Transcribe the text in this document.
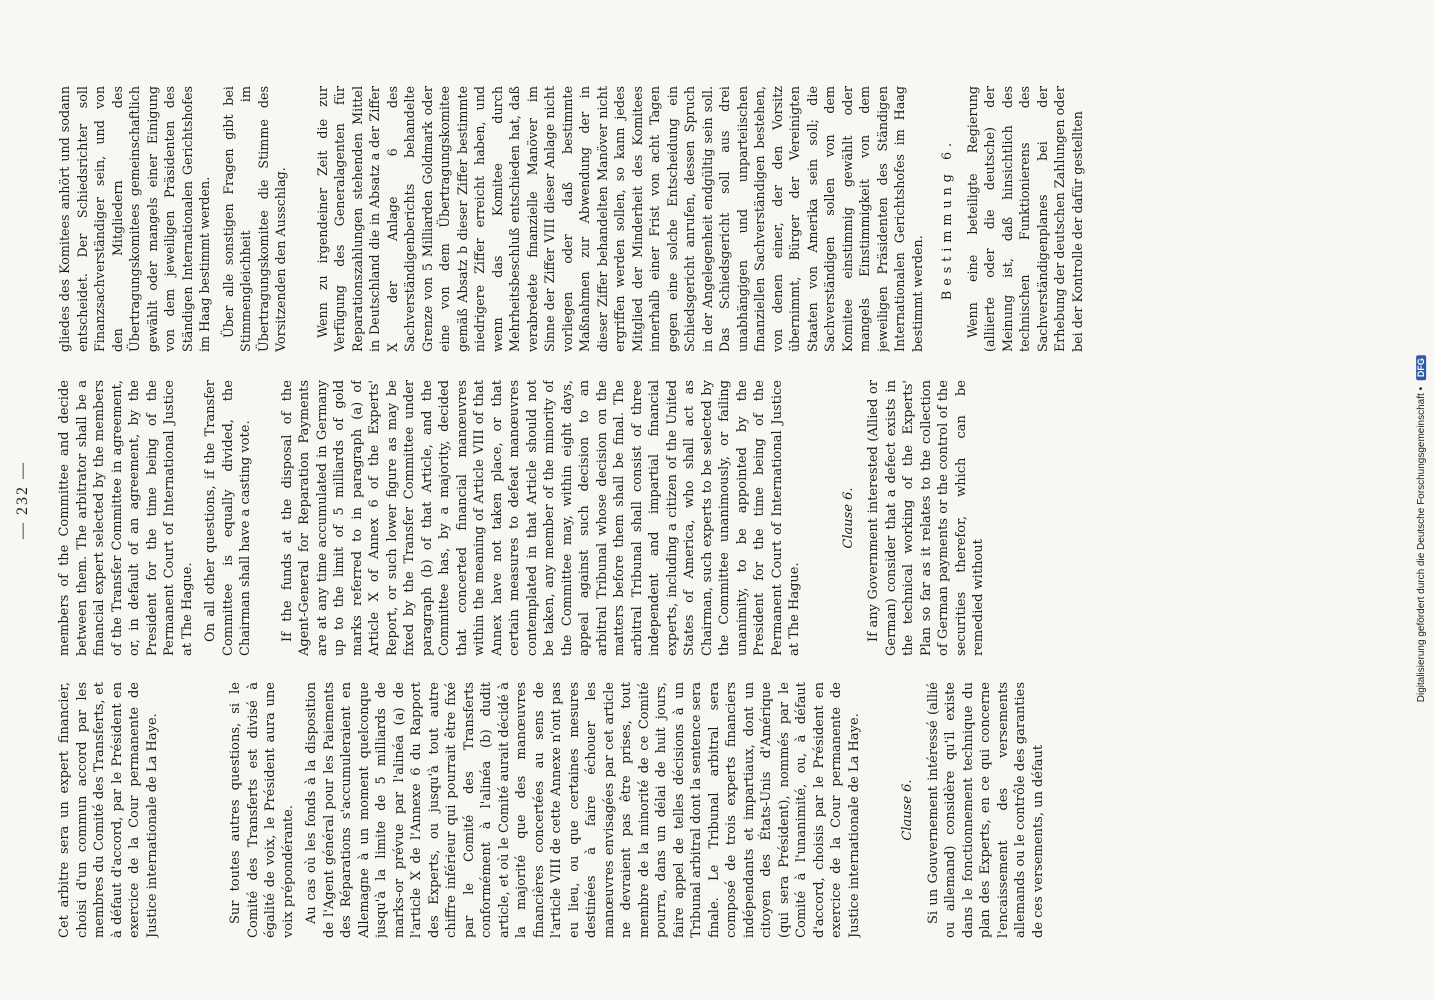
— 232 —

Cet arbitre sera un expert financier, choisi d'un commun accord par les membres du Comité des Transferts, et à défaut d'accord, par le Président en exercice de la Cour permanente de Justice internationale de La Haye.	Sur toutes autres questions, si le Comité des Transferts est divisé à égalité de voix, le Président aura une voix prépondérante. Au cas où les fonds à la disposition de l'Agent général pour les Paiements des Réparations s'accumuleraient en Allemagne à un moment quelconque jusqu'à la limite de 5 milliards de marks-or prévue par l'alinéa (a) de l'article X de l'Annexe 6 du Rapport des Experts, ou jusqu'à tout autre chiffre inférieur qui pourrait être fixé par le Comité des Transferts conformément à l'alinéa (b) dudit article, et où le Comité aurait décidé à la majorité que des manœuvres financières concertées au sens de l'article VIII de cette Annexe n'ont pas eu lieu, ou que certaines mesures destinées à faire échouer les manœuvres envisagées par cet article ne devraient pas être prises, tout membre de la minorité de ce Comité pourra, dans un délai de huit jours, faire appel de telles décisions à un Tribunal arbitral dont la sentence sera finale. Le Tribunal arbitral sera composé de trois experts financiers indépendants et impartiaux, dont un citoyen des États-Unis d'Amérique (qui sera Président), nommés par le Comité à l'unanimité, ou, à défaut d'accord, choisis par le Président en exercice de la Cour permanente de Justice internationale de La Haye.	Clause 6. Si un Gouvernement intéressé (allié ou allemand) considère qu'il existe dans le fonctionnement technique du plan des Experts, en ce qui concerne l'encaissement des versements allemands ou le contrôle des garanties de ces versements, un défaut

members of the Committee and decide between them. The arbitrator shall be a financial expert selected by the members of the Transfer Committee in agreement, or, in default of an agreement, by the President for the time being of the Permanent Court of International Justice at The Hague. On all other questions, if the Transfer Committee is equally divided, the Chairman shall have a casting vote. If the funds at the disposal of the Agent-General for Reparation Payments are at any time accumulated in Germany up to the limit of 5 milliards of gold marks referred to in paragraph (a) of Article X of Annex 6 of the Experts' Report, or such lower figure as may be fixed by the Transfer Committee under paragraph (b) of that Article, and the Committee has, by a majority, decided that concerted financial manœuvres within the meaning of Article VIII of that Annex have not taken place, or that certain measures to defeat manœuvres contemplated in that Article should not be taken, any member of the minority of the Committee may, within eight days, appeal against such decision to an arbitral Tribunal whose decision on the matters before them shall be final. The arbitral Tribunal shall consist of three independent and impartial financial experts, including a citizen of the United States of America, who shall act as Chairman, such experts to be selected by the Committee unanimously, or failing unanimity, to be appointed by the President for the time being of the Permanent Court of International Justice at The Hague.

Clause 6. If any Government interested (Allied or German) consider that a defect exists in the technical working of the Experts' Plan so far as it relates to the collection of German payments or the control of the securities therefor, which can be remedied without

gliedes des Komitees anhört und sodann entscheidet. Der Schiedsrichter soll Finanzsachverständiger sein, und von den Mitgliedern des Übertragungskomitees gemeinschaftlich gewählt oder mangels einer Einigung von dem jeweiligen Präsidenten des Ständigen Internationalen Gerichtshofes im Haag bestimmt werden. Über alle sonstigen Fragen gibt bei Stimmengleichheit im Übertragungskomitee die Stimme des Vorsitzenden den Ausschlag. Wenn zu irgendeiner Zeit die zur Verfügung des Generalagenten für Reparationszahlungen stehenden Mittel in Deutschland die in Absatz a der Ziffer X der Anlage 6 des Sachverständigenberichts behandelte Grenze von 5 Milliarden Goldmark oder eine von dem Übertragungskomitee gemäß Absatz b dieser Ziffer bestimmte niedrigere Ziffer erreicht haben, und wenn das Komitee durch Mehrheitsbeschluß entschieden hat, daß verabredete finanzielle Manöver im Sinne der Ziffer VIII dieser Anlage nicht vorliegen oder daß bestimmte Maßnahmen zur Abwendung der in dieser Ziffer behandelten Manöver nicht ergriffen werden sollen, so kann jedes Mitglied der Minderheit des Komitees innerhalb einer Frist von acht Tagen gegen eine solche Entscheidung ein Schiedsgericht anrufen, dessen Spruch in der Angelegenheit endgültig sein soll. Das Schiedsgericht soll aus drei unabhängigen und unparteiischen finanziellen Sachverständigen bestehen, von denen einer, der den Vorsitz übernimmt, Bürger der Vereinigten Staaten von Amerika sein soll; die Sachverständigen sollen von dem Komitee einstimmig gewählt oder mangels Einstimmigkeit von dem jeweiligen Präsidenten des Ständigen Internationalen Gerichtshofes im Haag bestimmt werden. Bestimmung 6. Wenn eine beteiligte Regierung (alliierte oder die deutsche) der Meinung ist, daß hinsichtlich des technischen Funktionierens des Sachverständigenplanes bei der Erhebung der deutschen Zahlungen oder bei der Kontrolle der dafür gestellten

Digitalisierung gefördert durch die Deutsche Forschungsgemeinschaft • DFG
